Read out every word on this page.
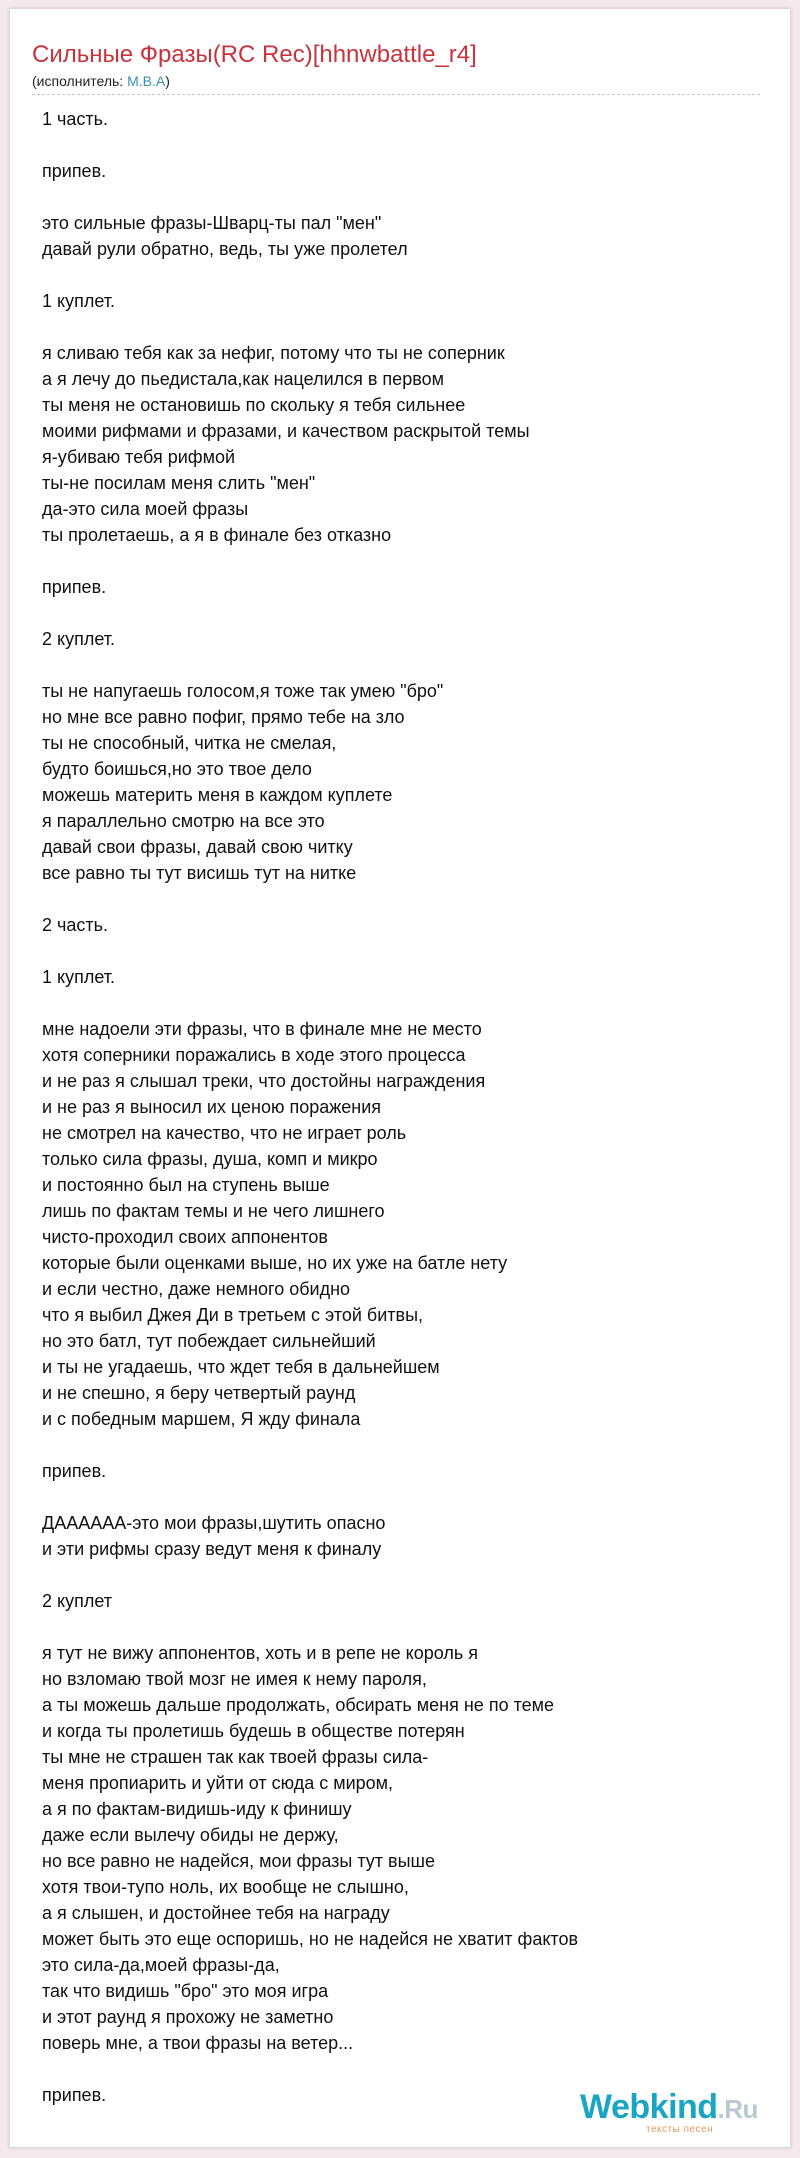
Сильные Фразы(RC Rec)[hhnwbattle_r4]
(исполнитель: M.B.A)
1 часть.
припев.
это сильные фразы-Шварц-ты пал "мен"
давай рули обратно, ведь, ты уже пролетел
1 куплет.
я сливаю тебя как за нефиг, потому что ты не соперник
а я лечу до пьедистала,как нацелился в первом
ты меня не остановишь по скольку я тебя сильнее
моими рифмами и фразами, и качеством раскрытой темы
я-убиваю тебя рифмой
ты-не посилам меня слить "мен"
да-это сила моей фразы
ты пролетаешь, а я в финале без отказно
припев.
2 куплет.
ты не напугаешь голосом,я тоже так умею "бро"
но мне все равно пофиг, прямо тебе на зло
ты не способный, читка не смелая,
будто боишься,но это твое дело
можешь материть меня в каждом куплете
я параллельно смотрю на все это
давай свои фразы, давай свою читку
все равно ты тут висишь тут на нитке
2 часть.
1 куплет.
мне надоели эти фразы, что в финале мне не место
хотя соперники поражались в ходе этого процесса
и не раз я слышал треки, что достойны награждения
и не раз я выносил их ценою поражения
не смотрел на качество, что не играет роль
только сила фразы, душа, комп и микро
и постоянно был на ступень выше
лишь по фактам темы и не чего лишнего
чисто-проходил своих аппонентов
которые были оценками выше, но их уже на батле нету
и если честно, даже немного обидно
что я выбил Джея Ди в третьем с этой битвы,
но это батл, тут побеждает сильнейший
и ты не угадаешь, что ждет тебя в дальнейшем
и не спешно, я беру четвертый раунд
и с победным маршем, Я жду финала
припев.
ДАААААА-это мои фразы,шутить опасно
и эти рифмы сразу ведут меня к финалу
2 куплет
я тут не вижу аппонентов, хоть и в репе не король я
но взломаю твой мозг не имея к нему пароля,
а ты можешь дальше продолжать, обсирать меня не по теме
и когда ты пролетишь будешь в обществе потерян
ты мне не страшен так как твоей фразы сила-
меня пропиарить и уйти от сюда с миром,
а я по фактам-видишь-иду к финишу
даже если вылечу обиды не держу,
но все равно не надейся, мои фразы тут выше
хотя твои-тупо ноль, их вообще не слышно,
а я слышен, и достойнее тебя на награду
может быть это еще оспоришь, но не надейся не хватит фактов
это сила-да,моей фразы-да,
так что видишь "бро" это моя игра
и этот раунд я прохожу не заметно
поверь мне, а твои фразы на ветер...
припев.	Webkind.Ru
тексты песен
